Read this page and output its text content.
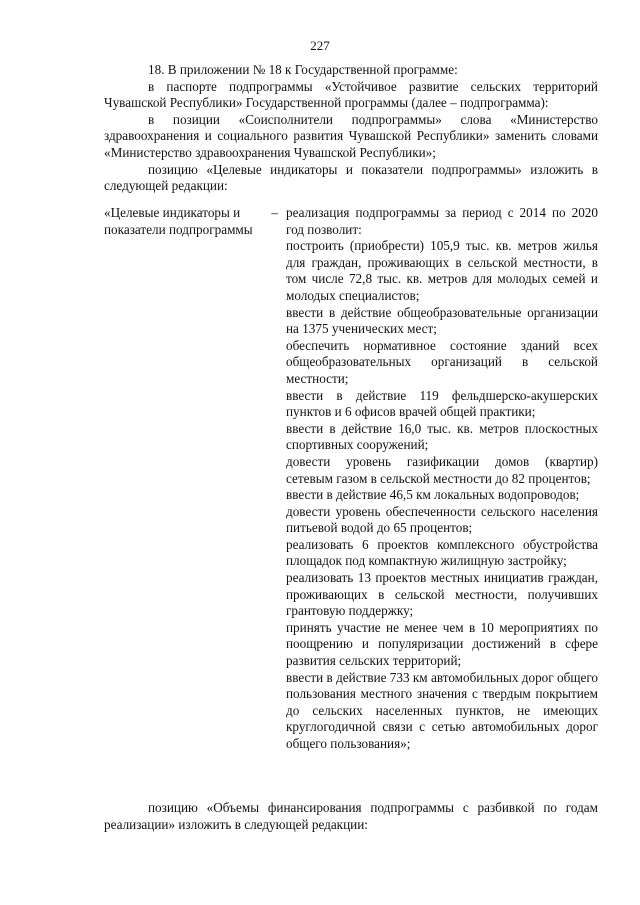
227

18. В приложении № 18 к Государственной программе:

в паспорте подпрограммы «Устойчивое развитие сельских территорий Чувашской Республики» Государственной программы (далее – подпрограмма):

в позиции «Соисполнители подпрограммы» слова «Министерство здравоохранения и социального развития Чувашской Республики» заменить словами «Министерство здравоохранения Чувашской Республики»;

позицию «Целевые индикаторы и показатели подпрограммы» изложить в следующей редакции:

«Целевые индикаторы и –
показатели подпрограммы

реализация подпрограммы за период с 2014 по 2020 год позволит:

построить (приобрести) 105,9 тыс. кв. метров жилья для граждан, проживающих в сельской местности, в том числе 72,8 тыс. кв. метров для молодых семей и молодых специалистов;

ввести в действие общеобразовательные организации на 1375 ученических мест;

обеспечить нормативное состояние зданий всех общеобразовательных организаций в сельской местности;

ввести в действие 119 фельдшерско-акушерских пунктов и 6 офисов врачей общей практики;

ввести в действие 16,0 тыс. кв. метров плоскостных спортивных сооружений;

довести уровень газификации домов (квартир) сетевым газом в сельской местности до 82 процентов;

ввести в действие 46,5 км локальных водопроводов;

довести уровень обеспеченности сельского населения питьевой водой до 65 процентов;

реализовать 6 проектов комплексного обустройства площадок под компактную жилищную застройку;

реализовать 13 проектов местных инициатив граждан, проживающих в сельской местности, получивших грантовую поддержку;

принять участие не менее чем в 10 мероприятиях по поощрению и популяризации достижений в сфере развития сельских территорий;

ввести в действие 733 км автомобильных дорог общего пользования местного значения с твердым покрытием до сельских населенных пунктов, не имеющих круглогодичной связи с сетью автомобильных дорог общего пользования»;

позицию «Объемы финансирования подпрограммы с разбивкой по годам реализации» изложить в следующей редакции:
